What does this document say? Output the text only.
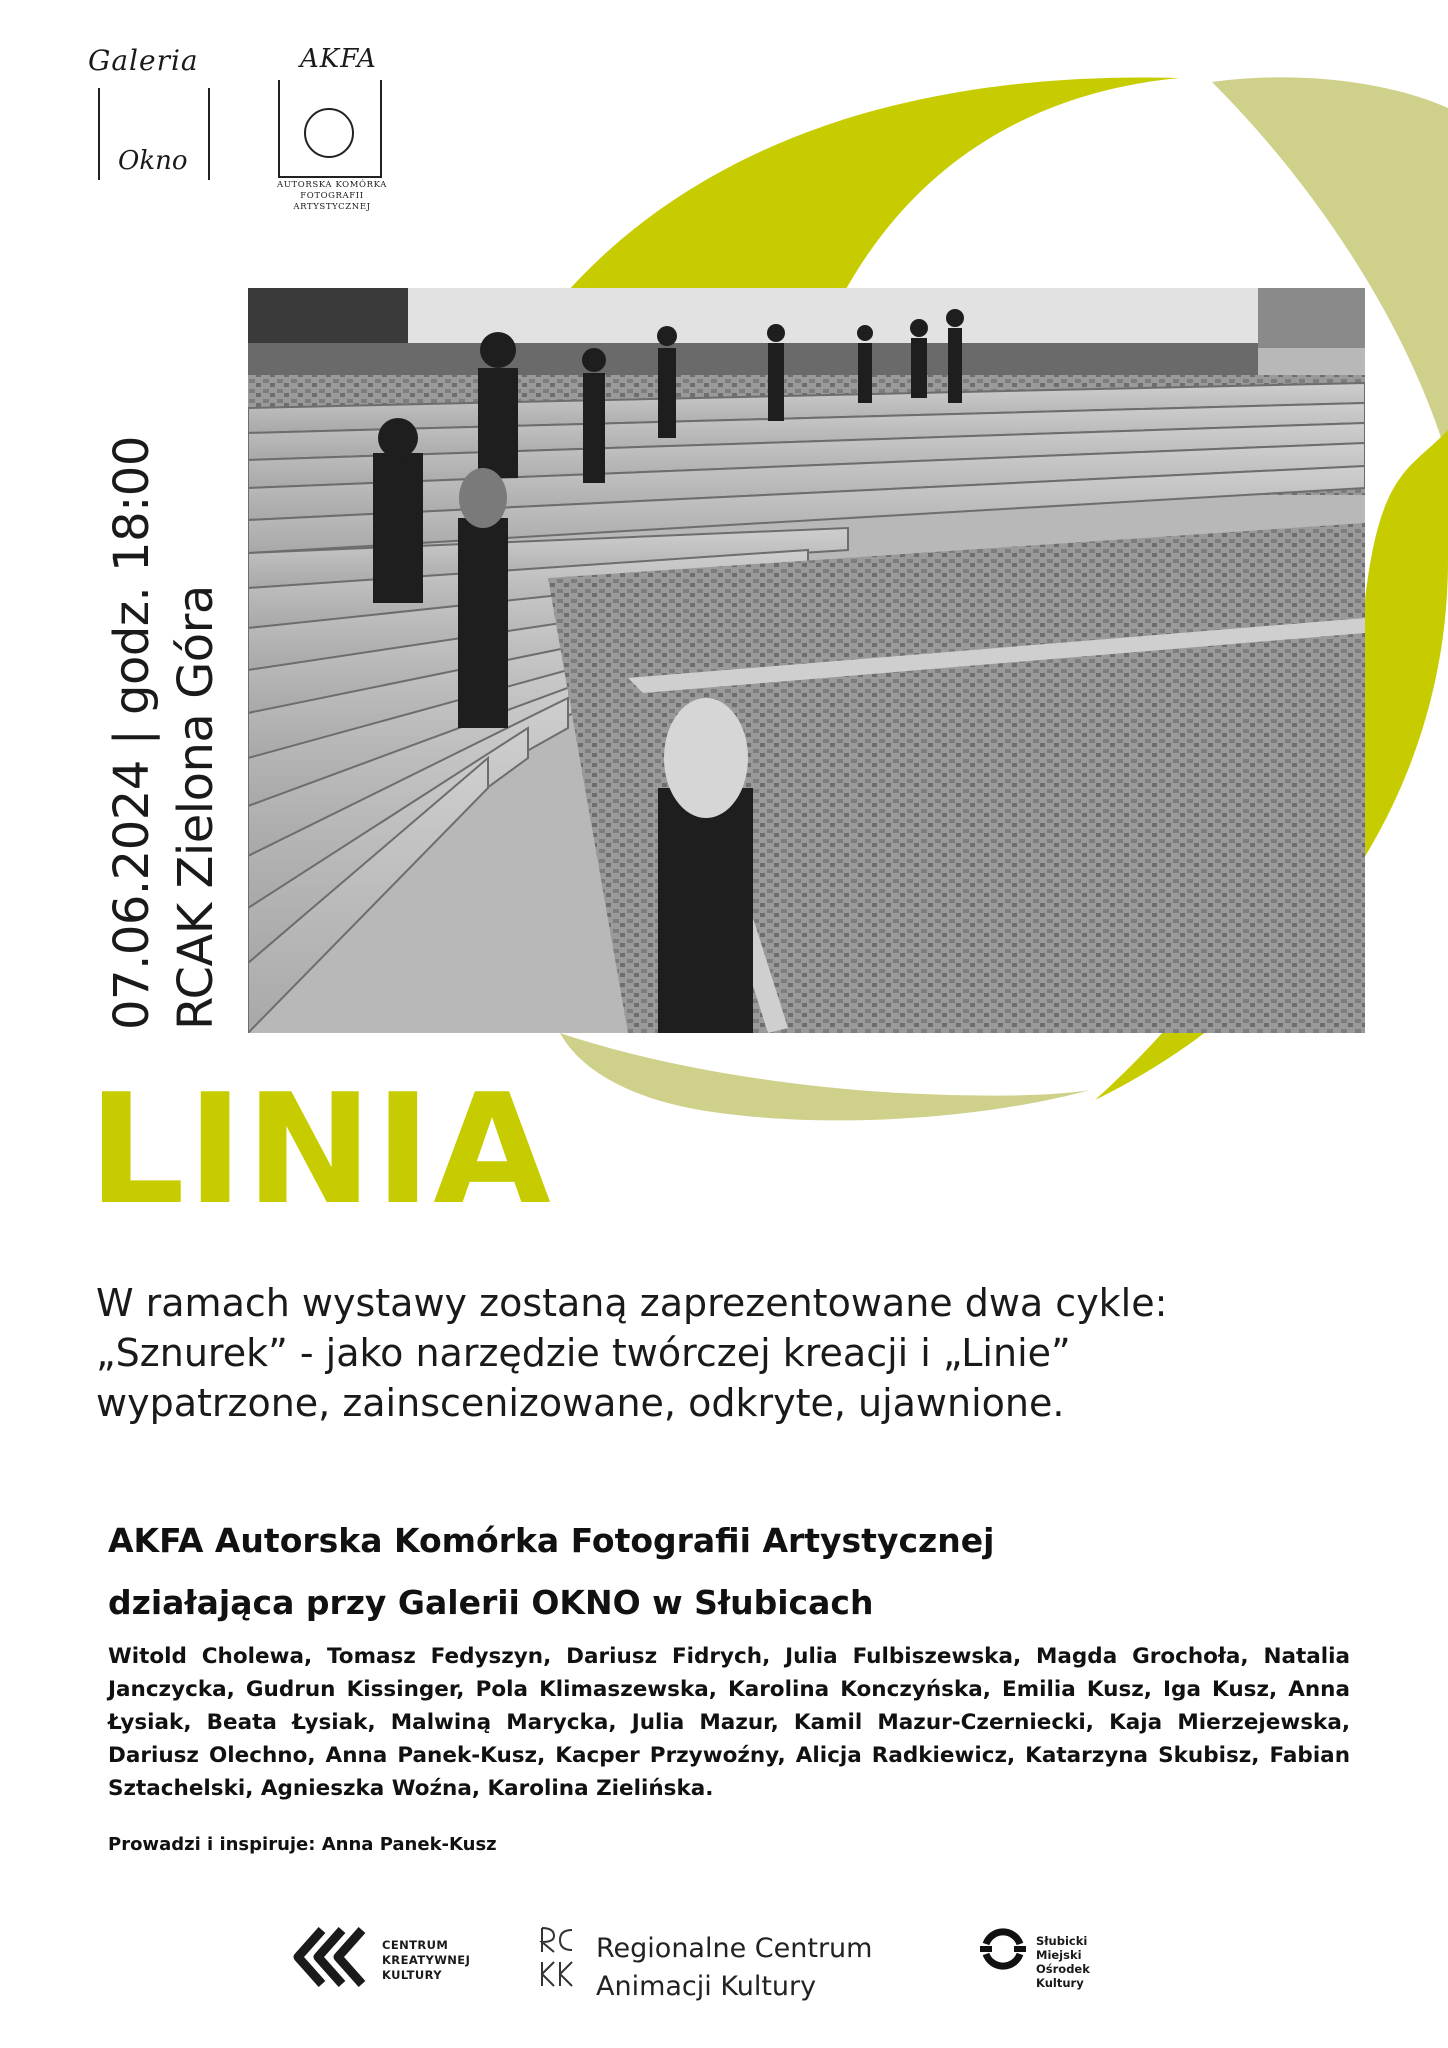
Galeria
Okno
AKFA
AUTORSKA KOMÓRKA
FOTOGRAFII ARTYSTYCZNEJ
07.06.2024 | godz. 18:00 RCAK Zielona Góra
LINIA
W ramach wystawy zostaną zaprezentowane dwa cykle:
„Sznurek” - jako narzędzie twórczej kreacji i „Linie”
wypatrzone, zainscenizowane, odkryte, ujawnione.
AKFA Autorska Komórka Fotografii Artystycznej
działająca przy Galerii OKNO w Słubicach
Witold Cholewa, Tomasz Fedyszyn, Dariusz Fidrych, Julia Fulbiszewska, Magda Grochoła, Natalia Janczycka, Gudrun Kissinger, Pola Klimaszewska, Karolina Konczyńska, Emilia Kusz, Iga Kusz, Anna Łysiak, Beata Łysiak, Malwiną Marycka, Julia Mazur, Kamil Mazur-Czerniecki, Kaja Mierzejewska, Dariusz Olechno, Anna Panek-Kusz, Kacper Przywoźny, Alicja Radkiewicz, Katarzyna Skubisz, Fabian Sztachelski, Agnieszka Woźna, Karolina Zielińska.
Prowadzi i inspiruje: Anna Panek-Kusz
CENTRUM
KREATYWNEJ
KULTURY
Regionalne Centrum
Animacji Kultury
Słubicki
Miejski
Ośrodek
Kultury
